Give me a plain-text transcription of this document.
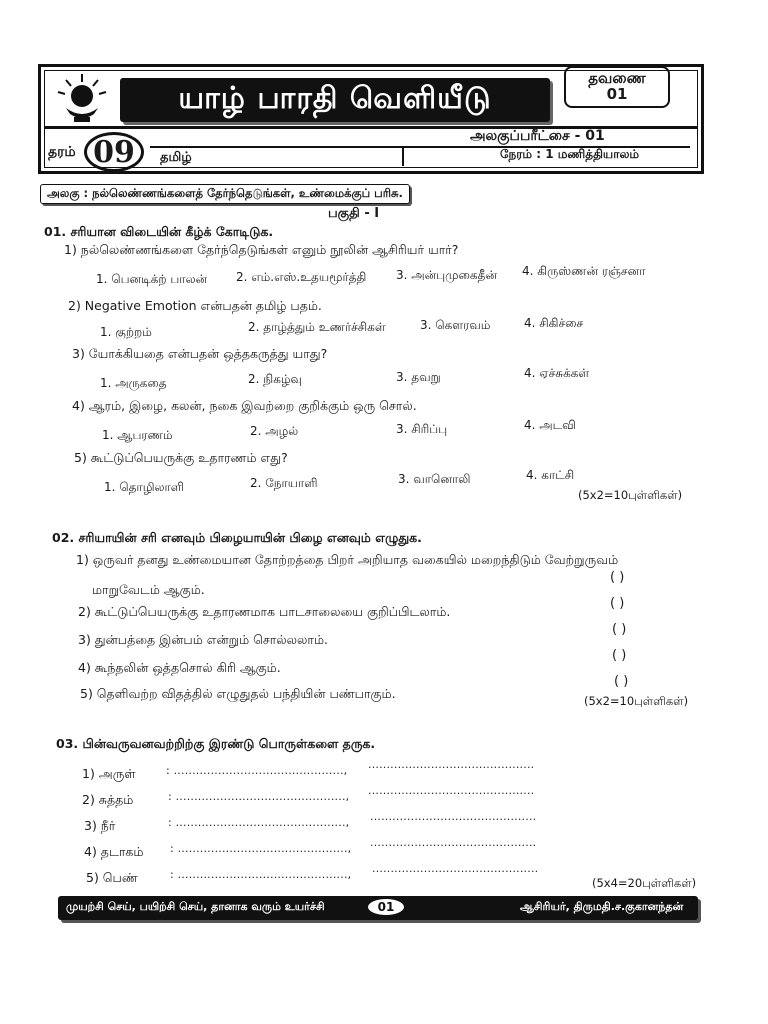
யாழ் பாரதி வெளியீடு
தவணை
01
தரம் 09	அலகுப்பரீட்சை - 01
தமிழ்	நேரம் : 1 மணித்தியாலம்
அலகு : நல்லெண்ணங்களைத் தேர்ந்தெடுங்கள், உண்மைக்குப் பரிசு.
பகுதி - I
01. சரியான விடையின் கீழ்க் கோடிடுக.
1) நல்லெண்ணங்களை தேர்ந்தெடுங்கள் எனும் நூலின் ஆசிரியர் யார்?
1. பெனடிக்ற் பாலன் 2. எம்.எஸ்.உதயமூர்த்தி 3. அன்புமுகைதீன் 4. கிருஸ்ணன் ரஞ்சனா
2) Negative Emotion என்பதன் தமிழ் பதம்.
1. குற்றம்	2. தாழ்த்தும் உணர்ச்சிகள்	3. கௌரவம்	4. சிகிச்சை
3) யோக்கியதை என்பதன் ஒத்தகருத்து யாது?
1. அருகதை	2. நிகழ்வு	3. தவறு	4. ஏச்சுக்கள்
4) ஆரம், இழை, கலன், நகை இவற்றை குறிக்கும் ஒரு சொல்.
1. ஆபரணம்	2. அழல்	3. சிரிப்பு	4. அடவி
5) கூட்டுப்பெயருக்கு உதாரணம் எது?
1. தொழிலாளி	2. நோயாளி	3. வானொலி	4. காட்சி
(5x2=10புள்ளிகள்)
02. சரியாயின் சரி எனவும் பிழையாயின் பிழை எனவும் எழுதுக.
1) ஒருவர் தனது உண்மையான தோற்றத்தை பிறர் அறியாத வகையில் மறைந்திடும் வேற்றுருவம்
மாறுவேடம் ஆகும்.
( )
2) கூட்டுப்பெயருக்கு உதாரணமாக பாடசாலையை குறிப்பிடலாம்.
( )
3) துன்பத்தை இன்பம் என்றும் சொல்லலாம்.
( )
4) கூந்தலின் ஒத்தசொல் கிரி ஆகும்.
( )
5) தெளிவற்ற விதத்தில் எழுதுதல் பந்தியின் பண்பாகும்.
( )
(5x2=10புள்ளிகள்)
03. பின்வருவனவற்றிற்கு இரண்டு பொருள்களை தருக.
1) அருள்	: .............................................., .............................................
2) சுத்தம்	: .............................................., .............................................
3) நீர்	: .............................................., .............................................
4) தடாகம் : .............................................., .............................................
5) பெண்	: .............................................., .............................................
(5x4=20புள்ளிகள்)
முயற்சி செய், பயிற்சி செய், தானாக வரும் உயர்ச்சி	01	ஆசிரியர், திருமதி.ச.குகானந்தன்
